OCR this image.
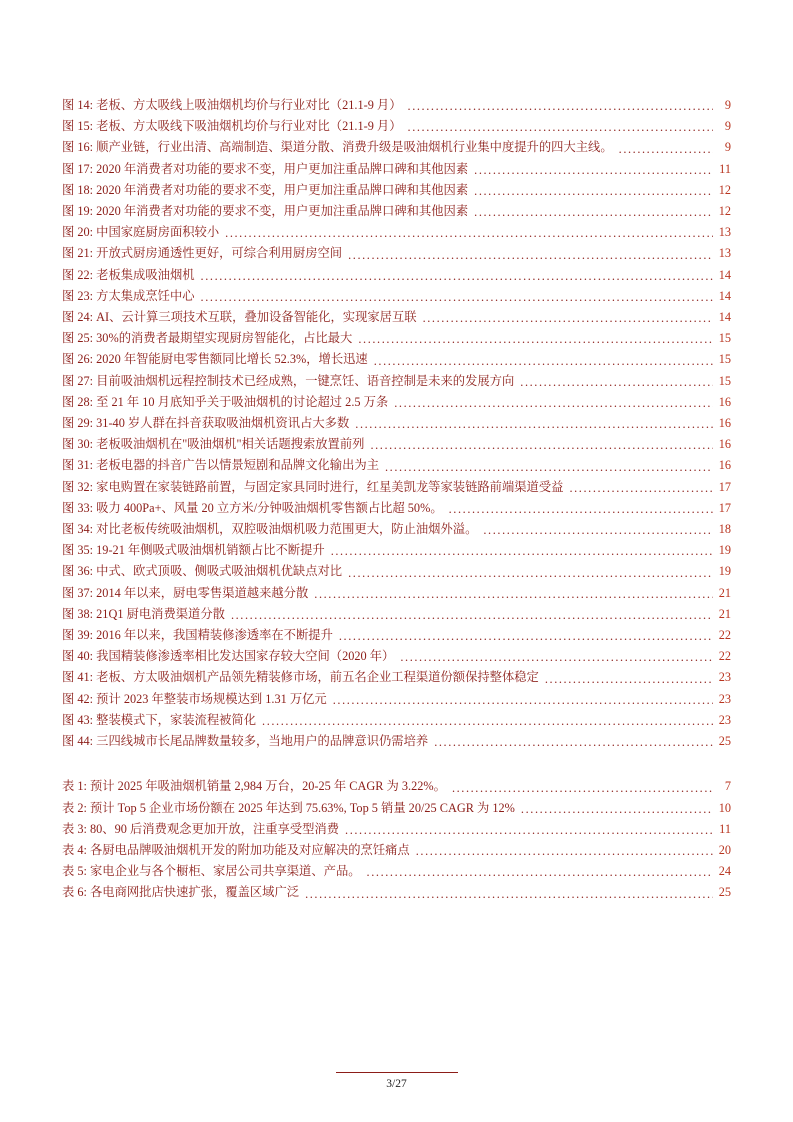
图 14: 老板、方太吸线上吸油烟机均价与行业对比（21.1-9 月） .....	9
图 15: 老板、方太吸线下吸油烟机均价与行业对比（21.1-9 月） .....	9
图 16: 顺产业链，行业出清、高端制造、渠道分散、消费升级是吸油烟机行业集中度提升的四大主线。 .....	9
图 17: 2020 年消费者对功能的要求不变，用户更加注重品牌口碑和其他因素 .....	11
图 18: 2020 年消费者对功能的要求不变，用户更加注重品牌口碑和其他因素 .....	12
图 19: 2020 年消费者对功能的要求不变，用户更加注重品牌口碑和其他因素 .....	12
图 20: 中国家庭厨房面积较小 .....	13
图 21: 开放式厨房通透性更好，可综合利用厨房空间 .....	13
图 22: 老板集成吸油烟机 .....	14
图 23: 方太集成烹饪中心 .....	14
图 24: AI、云计算三项技术互联，叠加设备智能化，实现家居互联 .....	14
图 25: 30%的消费者最期望实现厨房智能化，占比最大 .....	15
图 26: 2020 年智能厨电零售额同比增长 52.3%，增长迅速 .....	15
图 27: 目前吸油烟机远程控制技术已经成熟，一键烹饪、语音控制是未来的发展方向 .....	15
图 28: 至 21 年 10 月底知乎关于吸油烟机的讨论超过 2.5 万条 .....	16
图 29: 31-40 岁人群在抖音获取吸油烟机资讯占大多数 .....	16
图 30: 老板吸油烟机在"吸油烟机"相关话题搜索放置前列 .....	16
图 31: 老板电器的抖音广告以情景短剧和品牌文化输出为主 .....	16
图 32: 家电购置在家装链路前置，与固定家具同时进行，红星美凯龙等家装链路前端渠道受益 .....	17
图 33: 吸力 400Pa+、风量 20 立方米/分钟吸油烟机零售额占比超 50%。 .....	17
图 34: 对比老板传统吸油烟机，双腔吸油烟机吸力范围更大，防止油烟外溢。 .....	18
图 35: 19-21 年侧吸式吸油烟机销额占比不断提升 .....	19
图 36: 中式、欧式顶吸、侧吸式吸油烟机优缺点对比 .....	19
图 37: 2014 年以来，厨电零售渠道越来越分散 .....	21
图 38: 21Q1 厨电消费渠道分散 .....	21
图 39: 2016 年以来，我国精装修渗透率在不断提升 .....	22
图 40: 我国精装修渗透率相比发达国家存较大空间（2020 年） .....	22
图 41: 老板、方太吸油烟机产品领先精装修市场，前五名企业工程渠道份额保持整体稳定 .....	23
图 42: 预计 2023 年整装市场规模达到 1.31 万亿元 .....	23
图 43: 整装模式下，家装流程被简化 .....	23
图 44: 三四线城市长尾品牌数量较多，当地用户的品牌意识仍需培养 .....	25
表 1: 预计 2025 年吸油烟机销量 2,984 万台，20-25 年 CAGR 为 3.22%。 .....	7
表 2: 预计 Top 5 企业市场份额在 2025 年达到 75.63%, Top 5 销量 20/25 CAGR 为 12% .....	10
表 3: 80、90 后消费观念更加开放，注重享受型消费 .....	11
表 4: 各厨电品牌吸油烟机开发的附加功能及对应解决的烹饪痛点 .....	20
表 5: 家电企业与各个橱柜、家居公司共享渠道、产品。 .....	24
表 6: 各电商网批店快速扩张，覆盖区域广泛 .....	25
3/27
